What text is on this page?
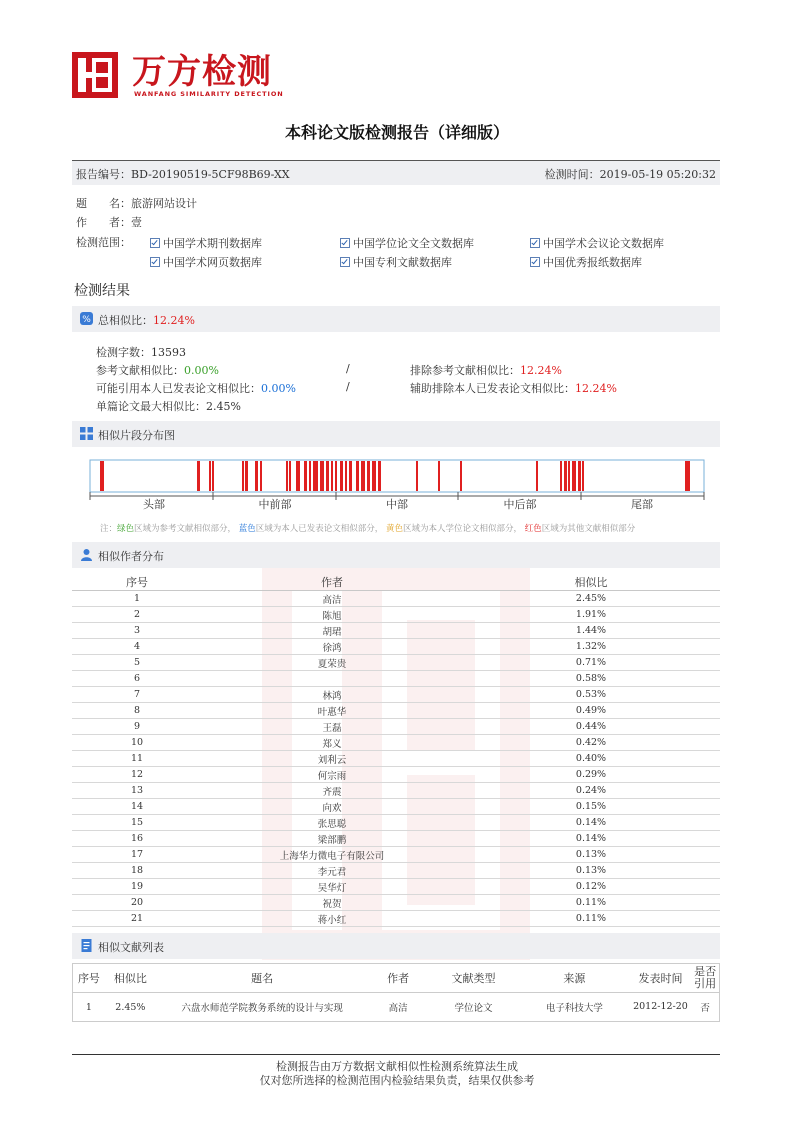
万方检测
WANFANG SIMILARITY DETECTION
本科论文版检测报告（详细版）
报告编号：BD-20190519-5CF98B69-XX	检测时间：2019-05-19 05:20:32
题　　名：旅游网站设计
作　　者：壹
检测范围：	中国学术期刊数据库	中国学位论文全文数据库	中国学术会议论文数据库
中国学术网页数据库	中国专利文献数据库	中国优秀报纸数据库
检测结果
% 总相似比：12.24%
检测字数：13593
参考文献相似比：0.00%	/	排除参考文献相似比：12.24%
可能引用本人已发表论文相似比：0.00%	/	辅助排除本人已发表论文相似比：12.24%
单篇论文最大相似比：2.45%
相似片段分布图
头部	中前部	中部	中后部	尾部
注：绿色区域为参考文献相似部分， 蓝色区域为本人已发表论文相似部分， 黄色区域为本人学位论文相似部分， 红色区域为其他文献相似部分
相似作者分布
序号	作者	相似比
1	高洁	2.45%
2	陈旭	1.91%
3	胡珺	1.44%
4	徐鸿	1.32%
5	夏荣贵	0.71%
6		0.58%
7	林鸿	0.53%
8	叶惠华	0.49%
9	王磊	0.44%
10	郑义	0.42%
11	刘利云	0.40%
12	何宗雨	0.29%
13	齐震	0.24%
14	向欢	0.15%
15	张思聪	0.14%
16	梁部鹏	0.14%
17	上海华力微电子有限公司	0.13%
18	李元君	0.13%
19	吴华灯	0.12%
20	祝贺	0.11%
21	蒋小红	0.11%
相似文献列表
序号	相似比	题名	作者	文献类型	来源	发表时间	是否引用
1	2.45%	六盘水师范学院教务系统的设计与实现	高洁	学位论文	电子科技大学	2012-12-20	否
检测报告由万方数据文献相似性检测系统算法生成
仅对您所选择的检测范围内检验结果负责，结果仅供参考
